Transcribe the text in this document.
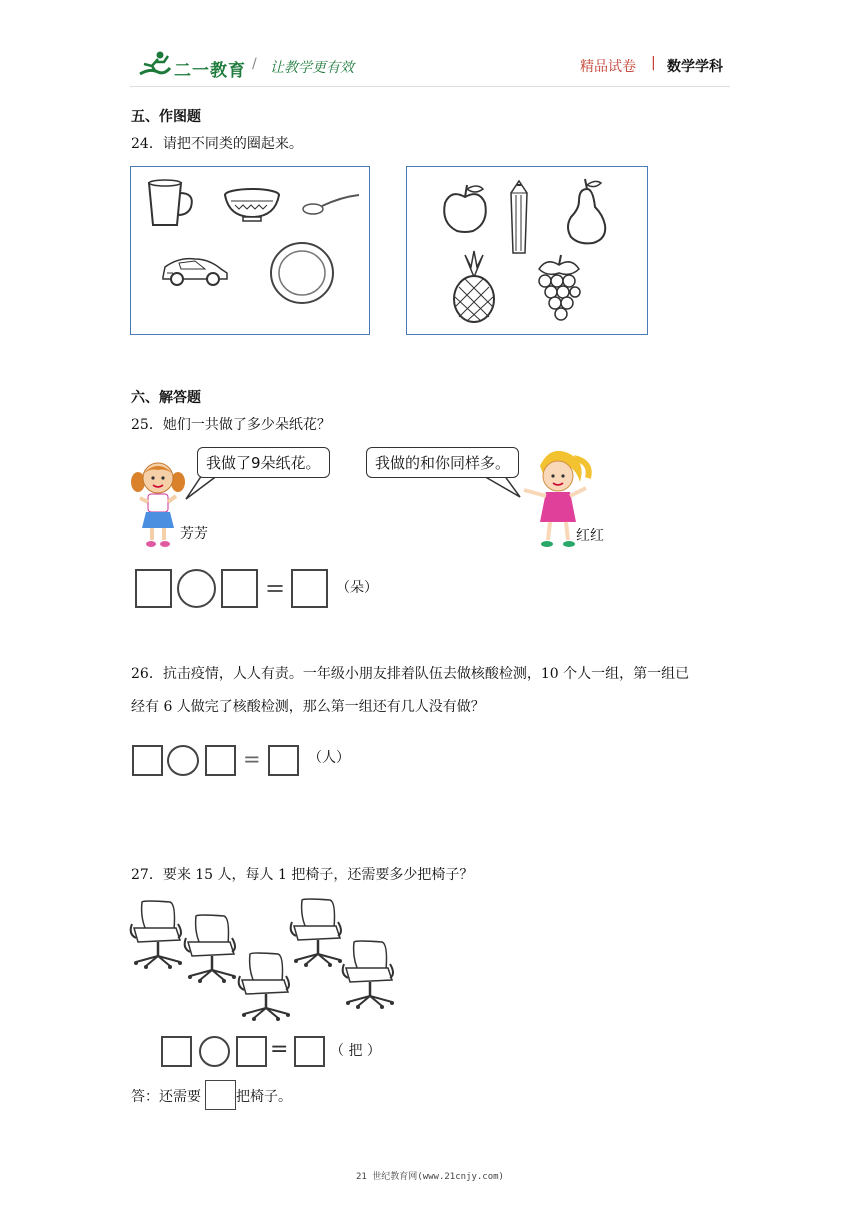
二一教育 / 让教学更有效	精品试卷 | 数学学科
五、作图题
24．请把不同类的圈起来。
六、解答题
25．她们一共做了多少朵纸花？
芳芳
我做了9朵纸花。	我做的和你同样多。
红红
=	（朵）
26．抗击疫情，人人有责。一年级小朋友排着队伍去做核酸检测，10 个人一组，第一组已
经有 6 人做完了核酸检测，那么第一组还有几人没有做？
=	（人）
27．要来 15 人，每人 1 把椅子，还需要多少把椅子？
=	（ 把 ）
答：还需要	把椅子。
21 世纪教育网(www.21cnjy.com)
